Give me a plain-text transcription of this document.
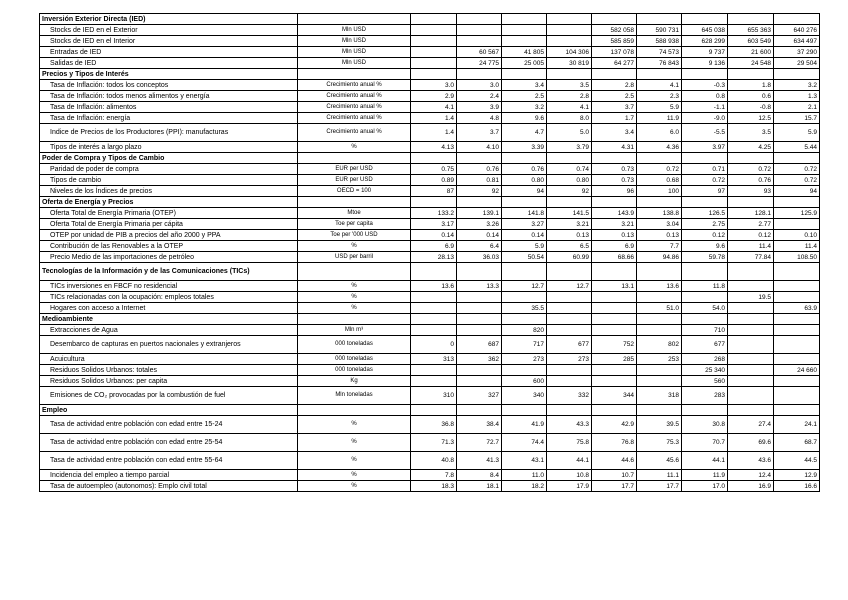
Inversión Exterior Directa (IED)										
Stocks de IED en el Exterior	Mln USD					582 058	590 731	645 038	655 363	640 276
Stocks de IED en el Interior	Mln USD					585 859	588 938	628 299	603 549	634 497
Entradas de IED	Mln USD		60 567	41 805	104 306	137 078	74 573	9 737	21 600	37 290
Salidas de IED	Mln USD		24 775	25 005	30 819	64 277	76 843	9 136	24 548	29 504
Precios y Tipos de Interés										
Tasa de Inflación: todos los conceptos	Crecimiento anual %	3.0	3.0	3.4	3.5	2.8	4.1	-0.3	1.8	3.2
Tasa de Inflación: todos menos alimentos y energía	Crecimiento anual %	2.9	2.4	2.5	2.8	2.5	2.3	0.8	0.6	1.3
Tasa de Inflación: alimentos	Crecimiento anual %	4.1	3.9	3.2	4.1	3.7	5.9	-1.1	-0.8	2.1
Tasa de Inflación: energía	Crecimiento anual %	1.4	4.8	9.6	8.0	1.7	11.9	-9.0	12.5	15.7
Indice de Precios de los Productores (PPI): manufacturas	Crecimiento anual %	1.4	3.7	4.7	5.0	3.4	6.0	-5.5	3.5	5.9
Tipos de interés a largo plazo	%	4.13	4.10	3.39	3.79	4.31	4.36	3.97	4.25	5.44
Poder de Compra y Tipos de Cambio										
Paridad de poder de compra	EUR per USD	0.75	0.76	0.76	0.74	0.73	0.72	0.71	0.72	0.72
Tipos de cambio	EUR per USD	0.89	0.81	0.80	0.80	0.73	0.68	0.72	0.76	0.72
Niveles de los Índices de precios	OECD = 100	87	92	94	92	96	100	97	93	94
Oferta de Energía y Precios										
Oferta Total de Energía Primaria (OTEP)	Mtoe	133.2	139.1	141.8	141.5	143.9	138.8	126.5	128.1	125.9
Oferta Total de Energía Primaria per cápita	Toe per capita	3.17	3.26	3.27	3.21	3.21	3.04	2.75	2.77	
OTEP por unidad de PIB a precios del año 2000 y PPA	Toe per '000 USD	0.14	0.14	0.14	0.13	0.13	0.13	0.12	0.12	0.10
Contribución de las Renovables a la OTEP	%	6.9	6.4	5.9	6.5	6.9	7.7	9.6	11.4	11.4
Precio Medio de las importaciones de petróleo	USD per barril	28.13	36.03	50.54	60.99	68.66	94.86	59.78	77.84	108.50
Tecnologías de la Información y de las Comunicaciones (TICs)										
TICs inversiones en FBCF no residencial	%	13.6	13.3	12.7	12.7	13.1	13.6	11.8		
TICs relacionadas con la ocupación: empleos totales	%								19.5	
Hogares con acceso a Internet	%			35.5			51.0	54.0		63.9
Medioambiente										
Extracciones de Agua	Mln m³			820				710		
Desembarco de capturas en puertos nacionales y extranjeros	000 toneladas	0	687	717	677	752	802	677		
Acuicultura	000 toneladas	313	362	273	273	285	253	268		
Residuos Solidos Urbanos: totales	000 toneladas							25 340		24 660
Residuos Solidos Urbanos: per capita	Kg			600				560		
Emisiones de CO₂ provocadas por la combustión de fuel	Mln toneladas	310	327	340	332	344	318	283		
Empleo										
Tasa de actividad entre población con edad entre 15-24	%	36.8	38.4	41.9	43.3	42.9	39.5	30.8	27.4	24.1
Tasa de actividad entre población con edad entre 25-54	%	71.3	72.7	74.4	75.8	76.8	75.3	70.7	69.6	68.7
Tasa de actividad entre población con edad entre 55-64	%	40.8	41.3	43.1	44.1	44.6	45.6	44.1	43.6	44.5
Incidencia del empleo a tiempo parcial	%	7.8	8.4	11.0	10.8	10.7	11.1	11.9	12.4	12.9
Tasa de autoempleo (autonomos): Emplo civil total	%	18.3	18.1	18.2	17.9	17.7	17.7	17.0	16.9	16.6
